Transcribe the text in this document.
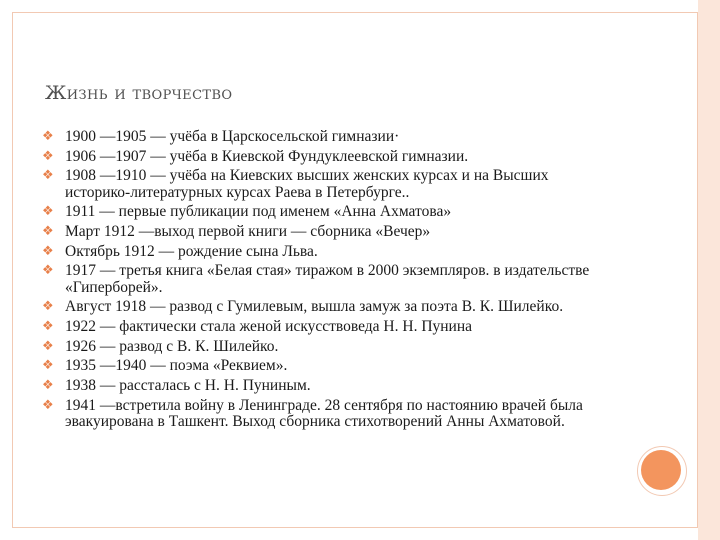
Жизнь и творчество
❖ 1900 —1905 — учёба в Царскосельской гимназии·
❖ 1906 —1907 — учёба в Киевской Фундуклеевской гимназии.
❖ 1908 —1910 — учёба на Киевских высших женских курсах и на Высших историко-литературных курсах Раева в Петербурге..
❖ 1911 — первые публикации под именем «Анна Ахматова»
❖ Март 1912 —выход первой книги — сборника «Вечер»
❖ Октябрь 1912 — рождение сына Льва.
❖ 1917 — третья книга «Белая стая» тиражом в 2000 экземпляров. в издательстве «Гиперборей».
❖ Август 1918 — развод с Гумилевым, вышла замуж за поэта В. К. Шилейко.
❖ 1922 — фактически стала женой искусствоведа Н. Н. Пунина
❖ 1926 — развод с В. К. Шилейко.
❖ 1935 —1940 — поэма «Реквием».
❖ 1938 — рассталась с Н. Н. Пуниным.
❖ 1941 —встретила войну в Ленинграде. 28 сентября по настоянию врачей была эвакуирована в Ташкент. Выход сборника стихотворений Анны Ахматовой.
